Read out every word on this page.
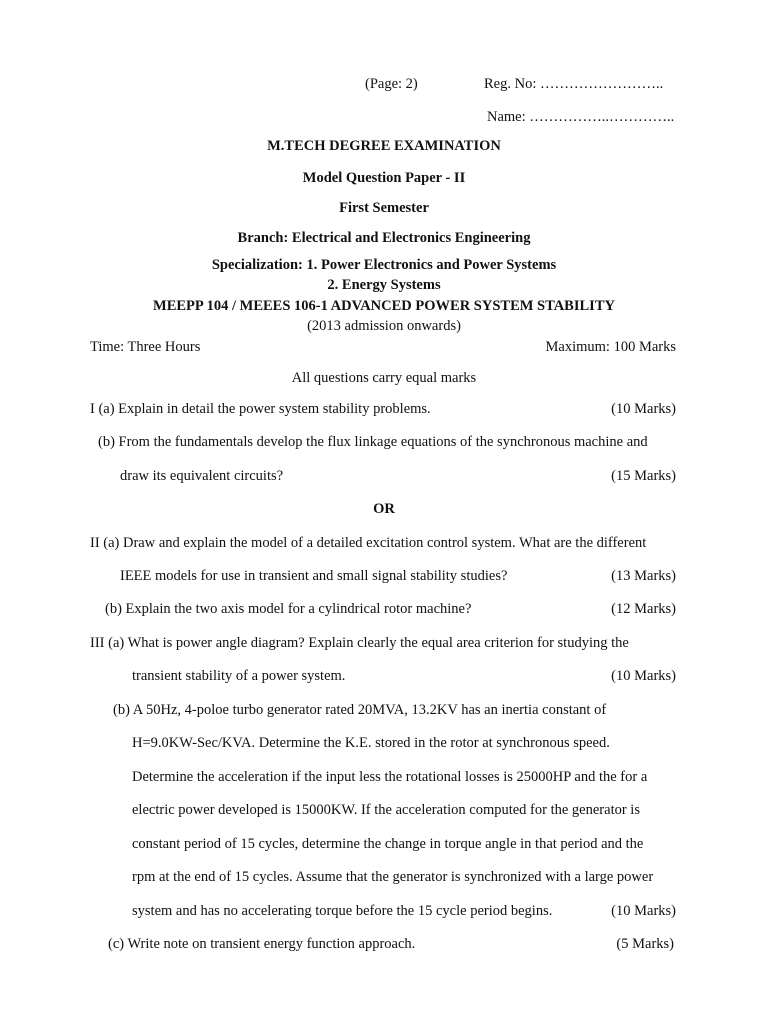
(Page: 2)	Reg. No: ……………………..
Name: ……………..…………..
M.TECH DEGREE EXAMINATION
Model Question Paper - II
First Semester
Branch: Electrical and Electronics Engineering
Specialization: 1. Power Electronics and Power Systems
2. Energy Systems
MEEPP 104 / MEEES 106-1 ADVANCED POWER SYSTEM STABILITY
(2013 admission onwards)
Time: Three Hours	Maximum: 100 Marks
All questions carry equal marks
I (a) Explain in detail the power system stability problems.	(10 Marks)
(b) From the fundamentals develop the flux linkage equations of the synchronous machine and
draw its equivalent circuits?	(15 Marks)
OR
II (a) Draw and explain the model of a detailed excitation control system. What are the different
IEEE models for use in transient and small signal stability studies?	(13 Marks)
(b) Explain the two axis model for a cylindrical rotor machine?	(12 Marks)
III (a) What is power angle diagram? Explain clearly the equal area criterion for studying the
transient stability of a power system.	(10 Marks)
(b) A 50Hz, 4-poloe turbo generator rated 20MVA, 13.2KV has an inertia constant of
H=9.0KW-Sec/KVA. Determine the K.E. stored in the rotor at synchronous speed.
Determine the acceleration if the input less the rotational losses is 25000HP and the for a
electric power developed is 15000KW. If the acceleration computed for the generator is
constant period of 15 cycles, determine the change in torque angle in that period and the
rpm at the end of 15 cycles. Assume that the generator is synchronized with a large power
system and has no accelerating torque before the 15 cycle period begins.	(10 Marks)
(c) Write note on transient energy function approach.	(5 Marks)
